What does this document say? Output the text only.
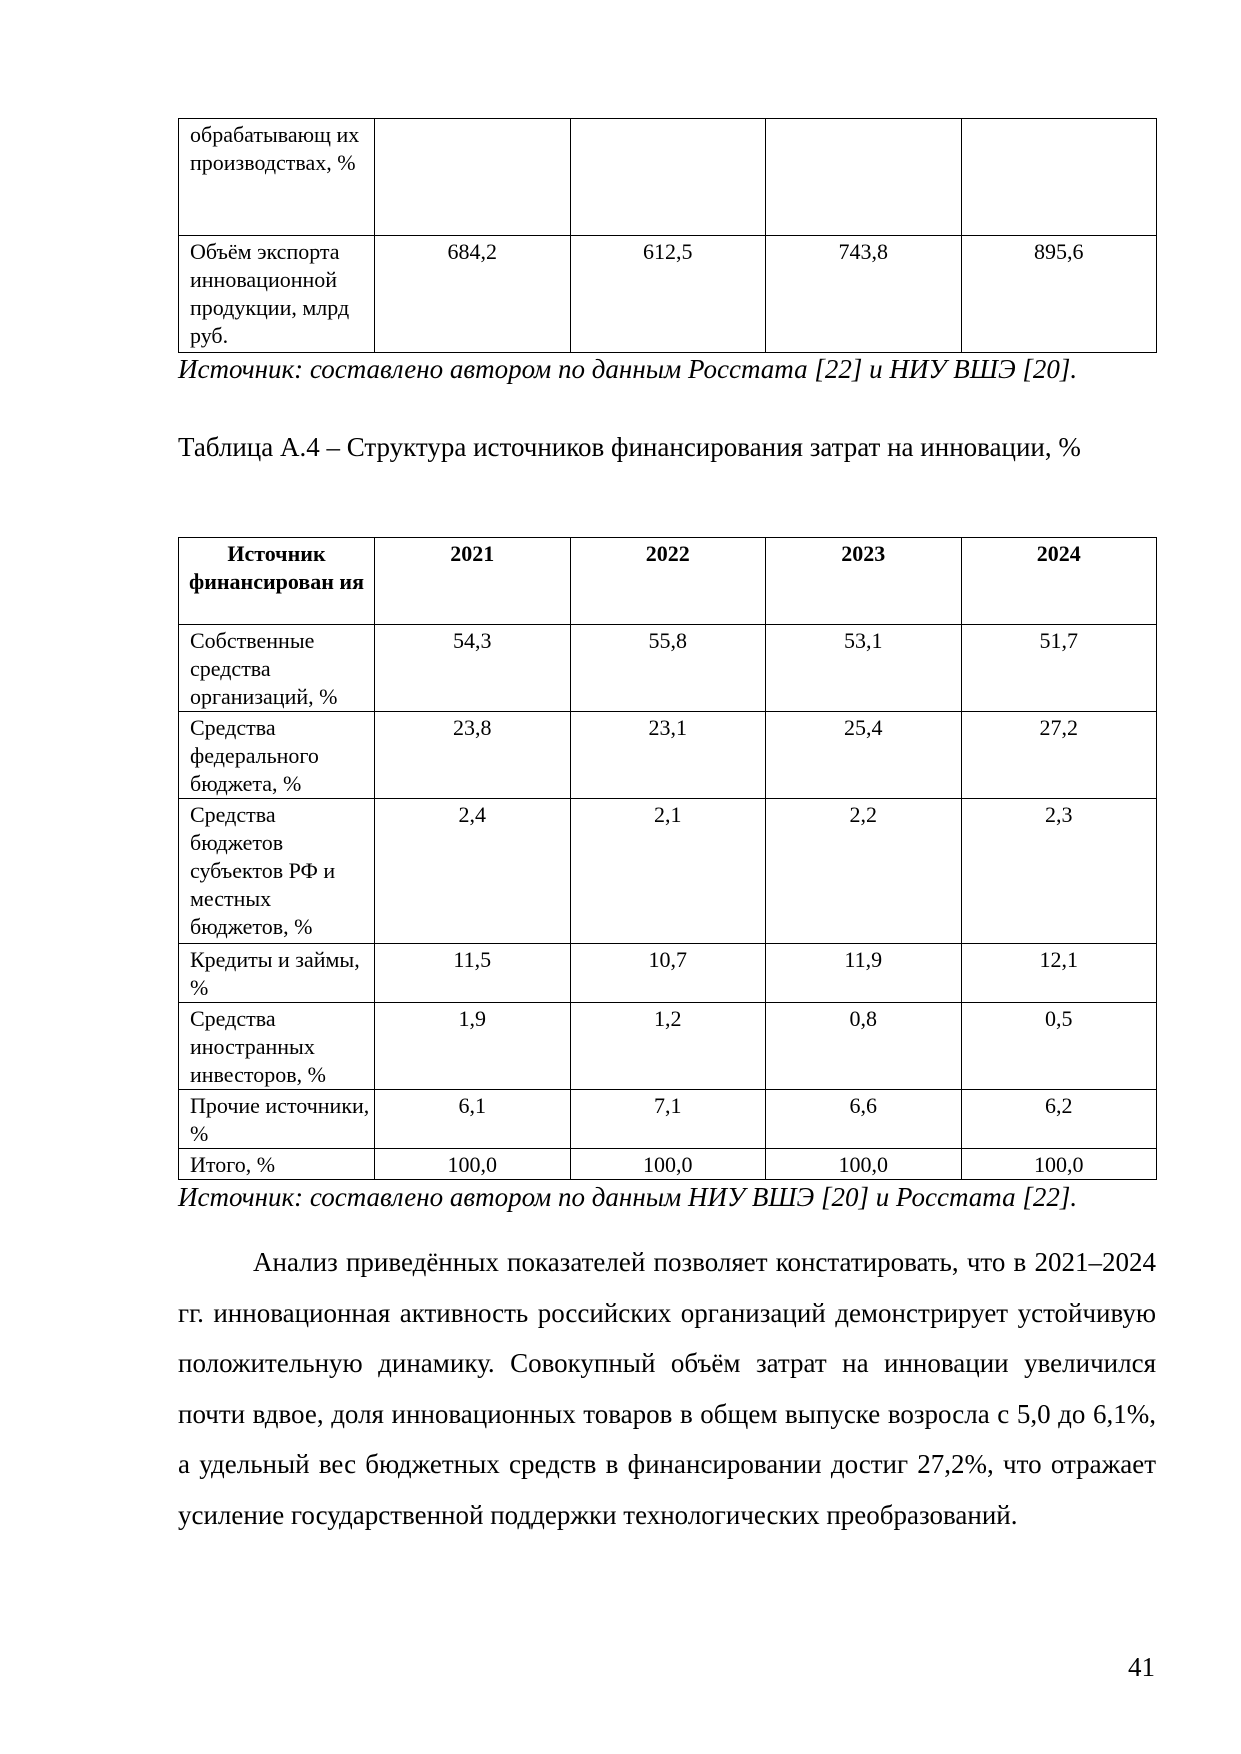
обрабатывающ их производствах, %				
Объём экспорта инновационной продукции, млрд руб.	684,2	612,5	743,8	895,6
Источник: составлено автором по данным Росстата [22] и НИУ ВШЭ [20].
Таблица А.4 – Структура источников финансирования затрат на инновации, %
Источник финансирован ия	2021	2022	2023	2024
Собственные средства организаций, %	54,3	55,8	53,1	51,7
Средства федерального бюджета, %	23,8	23,1	25,4	27,2
Средства бюджетов субъектов РФ и местных бюджетов, %	2,4	2,1	2,2	2,3
Кредиты и займы, %	11,5	10,7	11,9	12,1
Средства иностранных инвесторов, %	1,9	1,2	0,8	0,5
Прочие источники, %	6,1	7,1	6,6	6,2
Итого, %	100,0	100,0	100,0	100,0
Источник: составлено автором по данным НИУ ВШЭ [20] и Росстата [22].

Анализ приведённых показателей позволяет констатировать, что в 2021–2024 гг. инновационная активность российских организаций демонстрирует устойчивую положительную динамику. Совокупный объём затрат на инновации увеличился почти вдвое, доля инновационных товаров в общем выпуске возросла с 5,0 до 6,1%, а удельный вес бюджетных средств в финансировании достиг 27,2%, что отражает усиление государственной поддержки технологических преобразований.

41
